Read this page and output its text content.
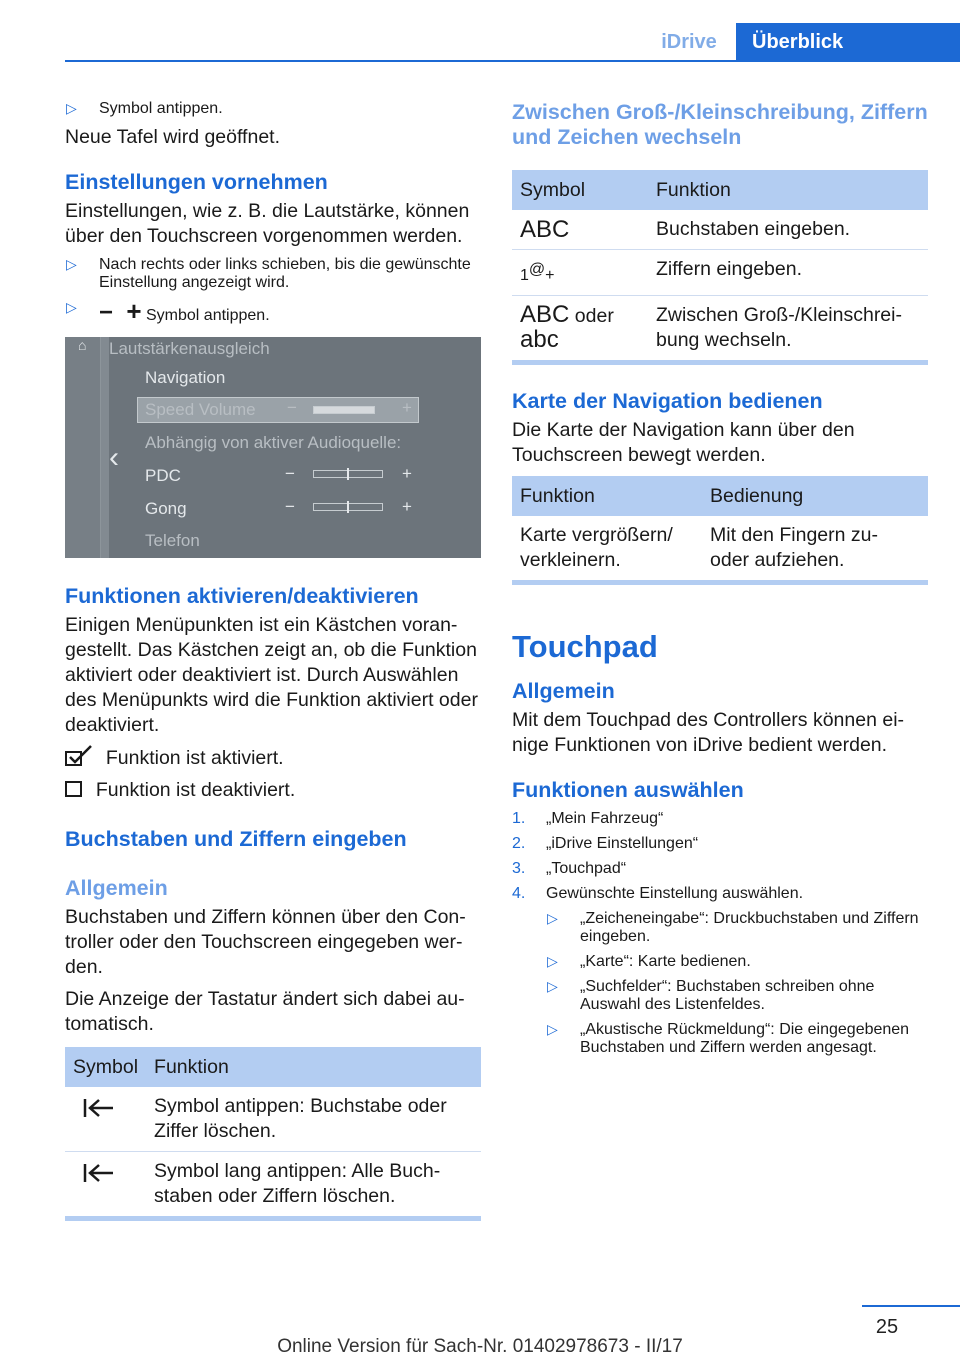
iDrive	Überblick
▷ Symbol antippen.

Neue Tafel wird geöffnet.

Einstellungen vornehmen

Einstellungen, wie z. B. die Lautstärke, können über den Touchscreen vorgenommen werden.

▷ Nach rechts oder links schieben, bis die gewünschte Einstellung angezeigt wird.
▷ − + Symbol antippen.
⌂ Lautstärkenausgleich
‹
Navigation
Speed Volume −	+
Abhängig von aktiver Audioquelle:
PDC	−	+
Gong	−	+
Telefon
Funktionen aktivieren/deaktivieren

Einigen Menüpunkten ist ein Kästchen vorangestellt. Das Kästchen zeigt an, ob die Funktion aktiviert oder deaktiviert ist. Durch Auswählen des Menüpunkts wird die Funktion aktiviert oder deaktiviert.

Funktion ist aktiviert.

Funktion ist deaktiviert.

Buchstaben und Ziffern eingeben
Allgemein

Buchstaben und Ziffern können über den Controller oder den Touchscreen eingegeben werden.

Die Anzeige der Tastatur ändert sich dabei automatisch.

Symbol	Funktion
	Symbol antippen: Buchstabe oder Ziffer löschen.
	Symbol lang antippen: Alle Buchstaben oder Ziffern löschen.
Zwischen Groß-/Kleinschreibung, Ziffern und Zeichen wechseln
Symbol	Funktion
ABC	Buchstaben eingeben.
1@+	Ziffern eingeben.
ABC oder
abc	Zwischen Groß-/Kleinschreibung wechseln.
Karte der Navigation bedienen

Die Karte der Navigation kann über den Touchscreen bewegt werden.

Funktion	Bedienung
Karte vergrößern/ verkleinern.	Mit den Fingern zu- oder aufziehen.
Touchpad
Allgemein

Mit dem Touchpad des Controllers können einige Funktionen von iDrive bedient werden.

Funktionen auswählen
1. „Mein Fahrzeug“
2. „iDrive Einstellungen“
3. „Touchpad“
4. Gewünschte Einstellung auswählen.
▷ „Zeicheneingabe“: Druckbuchstaben und Ziffern eingeben.
▷ „Karte“: Karte bedienen.
▷ „Suchfelder“: Buchstaben schreiben ohne Auswahl des Listenfeldes.
▷ „Akustische Rückmeldung“: Die eingegebenen Buchstaben und Ziffern werden angesagt.
25
Online Version für Sach-Nr. 01402978673 - II/17
